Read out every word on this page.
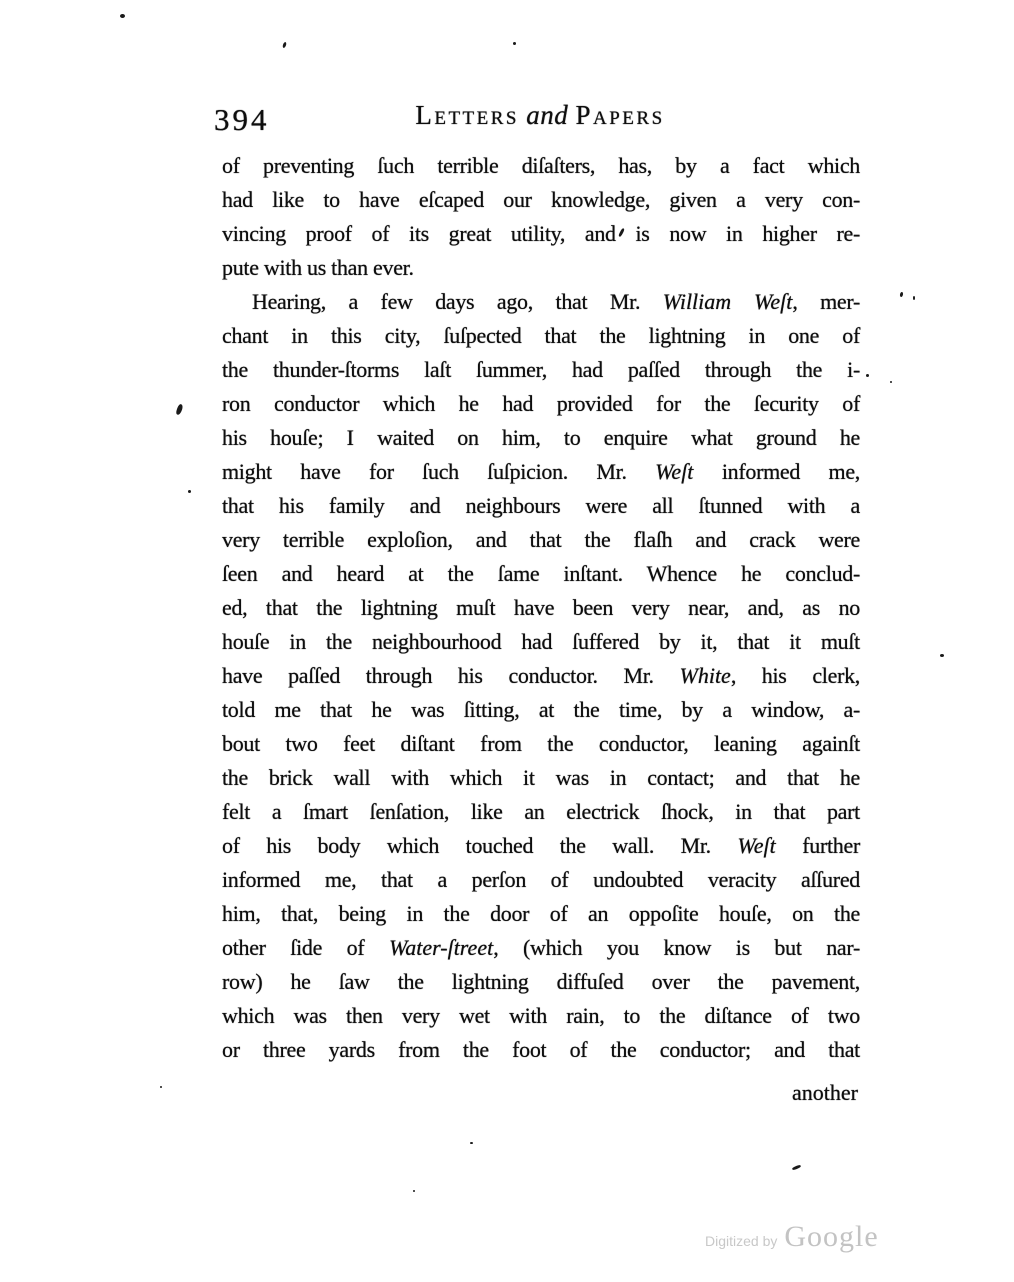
394	Letters and Papers
of preventing ſuch terrible diſaſters, has, by a fact which
had like to have eſcaped our knowledge, given a very con-
vincing proof of its great utility, and is now in higher re-
pute with us than ever.
Hearing, a few days ago, that Mr. William Weſt, mer-
chant in this city, ſuſpected that the lightning in one of
the thunder-ſtorms laſt ſummer, had paſſed through the i-
ron conductor which he had provided for the ſecurity of
his houſe; I waited on him, to enquire what ground he
might have for ſuch ſuſpicion. Mr. Weſt informed me,
that his family and neighbours were all ſtunned with a
very terrible exploſion, and that the flaſh and crack were
ſeen and heard at the ſame inſtant. Whence he conclud-
ed, that the lightning muſt have been very near, and, as no
houſe in the neighbourhood had ſuffered by it, that it muſt
have paſſed through his conductor. Mr. White, his clerk,
told me that he was ſitting, at the time, by a window, a-
bout two feet diſtant from the conductor, leaning againſt
the brick wall with which it was in contact; and that he
felt a ſmart ſenſation, like an electrick ſhock, in that part
of his body which touched the wall. Mr. Weſt further
informed me, that a perſon of undoubted veracity aſſured
him, that, being in the door of an oppoſite houſe, on the
other ſide of Water-ſtreet, (which you know is but nar-
row) he ſaw the lightning diffuſed over the pavement,
which was then very wet with rain, to the diſtance of two
or three yards from the foot of the conductor; and that
another
Digitized by Google
